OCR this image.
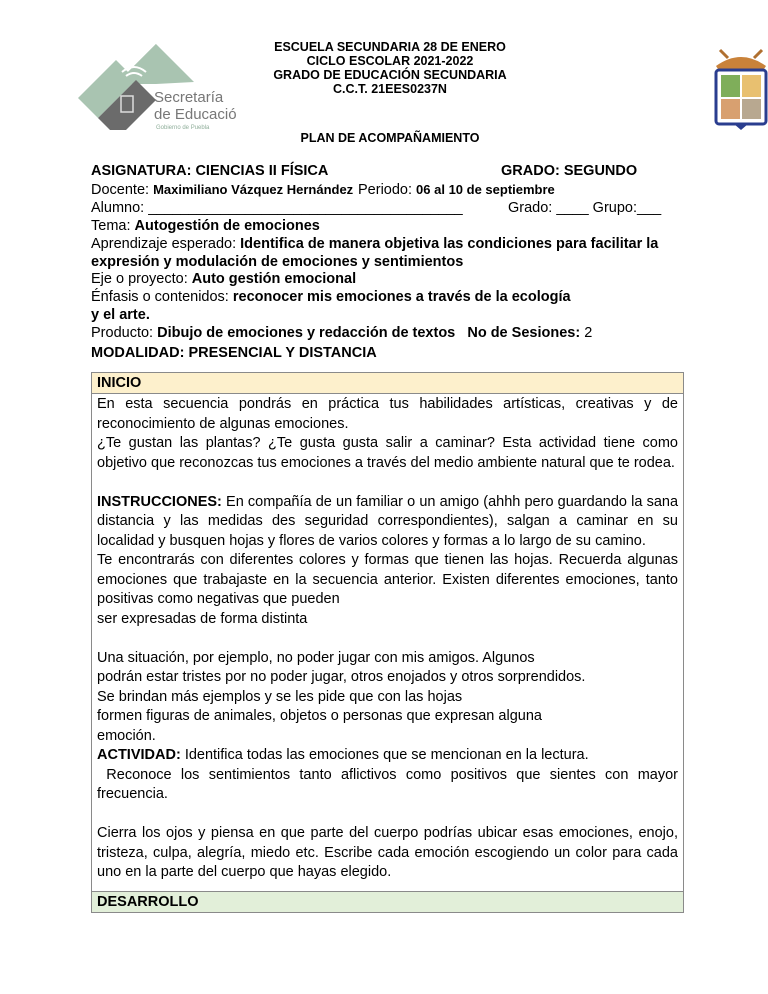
Secretaría
de Educación
Gobierno de Puebla
ESCUELA SECUNDARIA 28 DE ENERO
CICLO ESCOLAR 2021-2022
GRADO DE EDUCACIÓN SECUNDARIA
C.C.T. 21EES0237N
PLAN DE ACOMPAÑAMIENTO
ASIGNATURA: CIENCIAS II FÍSICA	GRADO: SEGUNDO
Docente: Maximiliano Vázquez Hernández Periodo: 06 al 10 de septiembre
Alumno: _______________________________________	Grado: ____ Grupo:___
Tema: Autogestión de emociones
Aprendizaje esperado: Identifica de manera objetiva las condiciones para facilitar la expresión y modulación de emociones y sentimientos
Eje o proyecto: Auto gestión emocional
Énfasis o contenidos: reconocer mis emociones a través de la ecología
y el arte.
Producto: Dibujo de emociones y redacción de textos No de Sesiones: 2
MODALIDAD: PRESENCIAL Y DISTANCIA
INICIO
En esta secuencia pondrás en práctica tus habilidades artísticas, creativas y de reconocimiento de algunas emociones.
¿Te gustan las plantas? ¿Te gusta gusta salir a caminar? Esta actividad tiene como objetivo que reconozcas tus emociones a través del medio ambiente natural que te rodea.
INSTRUCCIONES: En compañía de un familiar o un amigo (ahhh pero guardando la sana distancia y las medidas des seguridad correspondientes), salgan a caminar en su localidad y busquen hojas y flores de varios colores y formas a lo largo de su camino.
Te encontrarás con diferentes colores y formas que tienen las hojas. Recuerda algunas emociones que trabajaste en la secuencia anterior. Existen diferentes emociones, tanto positivas como negativas que pueden
ser expresadas de forma distinta
Una situación, por ejemplo, no poder jugar con mis amigos. Algunos
podrán estar tristes por no poder jugar, otros enojados y otros sorprendidos.
Se brindan más ejemplos y se les pide que con las hojas
formen figuras de animales, objetos o personas que expresan alguna
emoción.
ACTIVIDAD: Identifica todas las emociones que se mencionan en la lectura.
Reconoce los sentimientos tanto aflictivos como positivos que sientes con mayor frecuencia.
Cierra los ojos y piensa en que parte del cuerpo podrías ubicar esas emociones, enojo, tristeza, culpa, alegría, miedo etc. Escribe cada emoción escogiendo un color para cada uno en la parte del cuerpo que hayas elegido.
DESARROLLO
